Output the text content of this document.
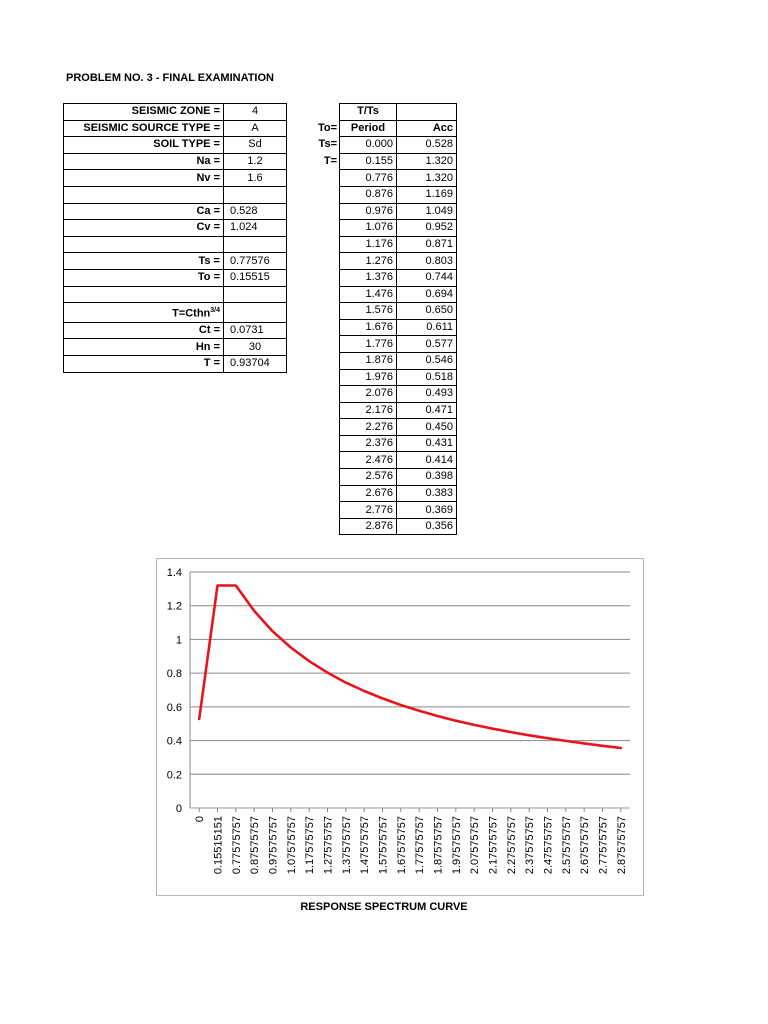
PROBLEM NO. 3 - FINAL EXAMINATION
SEISMIC ZONE =	4
SEISMIC SOURCE TYPE =	A
SOIL TYPE =	Sd
Na =	1.2
Nv =	1.6

Ca =	0.528
Cv =	1.024

Ts =	0.77576
To =	0.15515

T=Cthn$^{3/4}$	
Ct =	0.0731
Hn =	30
T =	0.93704

To=
Ts=
T=
T/Ts	
Period	Acc
0.000	0.528
0.155	1.320
0.776	1.320
0.876	1.169
0.976	1.049
1.076	0.952
1.176	0.871
1.276	0.803
1.376	0.744
1.476	0.694
1.576	0.650
1.676	0.611
1.776	0.577
1.876	0.546
1.976	0.518
2.076	0.493
2.176	0.471
2.276	0.450
2.376	0.431
2.476	0.414
2.576	0.398
2.676	0.383
2.776	0.369
2.876	0.356
0
0.2
0.4
0.6
0.8
1
1.2
1.4
0 0.15515151 0.77575757 0.87575757 0.97575757 1.07575757 1.17575757 1.27575757 1.37575757 1.47575757 1.57575757 1.67575757 1.77575757 1.87575757 1.97575757 2.07575757 2.17575757 2.27575757 2.37575757 2.47575757 2.57575757 2.67575757 2.77575757 2.87575757
RESPONSE SPECTRUM CURVE
